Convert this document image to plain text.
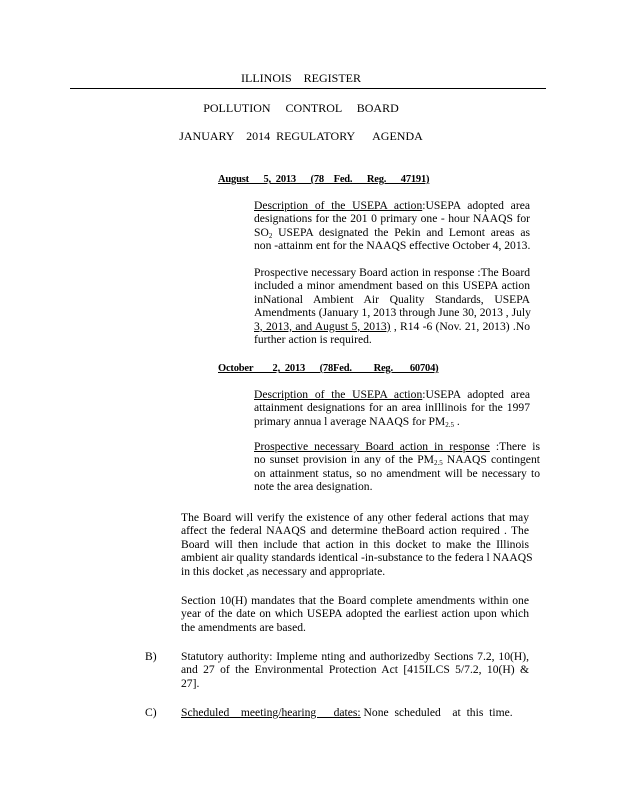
ILLINOIS    REGISTER
POLLUTION     CONTROL     BOARD
JANUARY    2014  REGULATORY      AGENDA
August      5,  2013      (78    Fed.      Reg.      47191)
Description of the USEPA action:USEPA adopted area
designations for the 201 0 primary one - hour NAAQS for
$SO_2$ USEPA designated the Pekin and Lemont areas as
non -attainm ent for the NAAQS effective October 4, 2013.
Prospective necessary Board action in response :The Board
included a minor amendment based on this USEPA action
inNational Ambient Air Quality Standards, USEPA
Amendments (January 1, 2013 through June 30, 2013 , July
3, 2013, and August 5, 2013) , R14 -6 (Nov. 21, 2013) .No
further action is required.
October        2,  2013      (78Fed.         Reg.       60704)
Description of the USEPA action:USEPA adopted area
attainment designations for an area inIllinois for the 1997
primary annua l average NAAQS for $PM_{2.5}$ .
Prospective necessary Board action in response :There is
no sunset provision in any of the $PM_{2.5}$ NAAQS contingent
on attainment status, so no amendment will be necessary to
note the area designation.
The Board will verify the existence of any other federal actions that may
affect the federal NAAQS and determine theBoard action required . The
Board will then include that action in this docket to make the Illinois
ambient air quality standards identical -in-substance to the federa l NAAQS
in this docket ,as necessary and appropriate.
Section 10(H) mandates that the Board complete amendments within one
year of the date on which USEPA adopted the earliest action upon which
the amendments are based.
B) Statutory authority: Impleme nting and authorizedby Sections 7.2, 10(H),
and 27 of the Environmental Protection Act [415ILCS 5/7.2, 10(H) &
27].
C) Scheduled    meeting/hearing      dates: None  scheduled    at  this  time.
